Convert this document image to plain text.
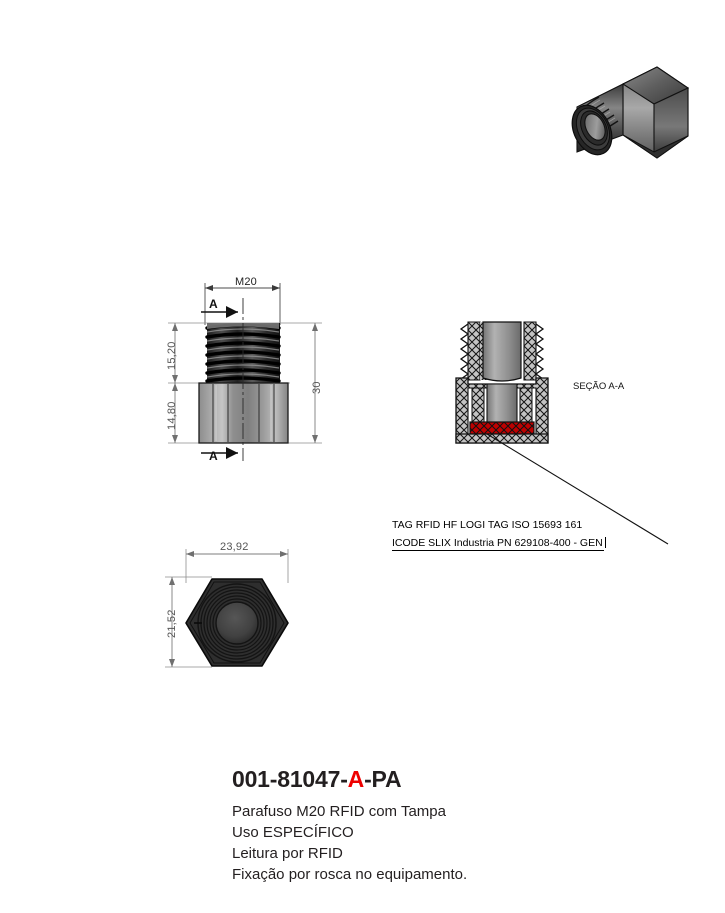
M20
15,20
14,80
30
A
A
23,92
21,52
SEÇÃO A-A
TAG RFID HF LOGI TAG ISO 15693 161
ICODE SLIX Industria PN 629108-400 - GEN
001-81047-A-PA
Parafuso M20 RFID com Tampa
Uso ESPECÍFICO
Leitura por RFID
Fixação por rosca no equipamento.
